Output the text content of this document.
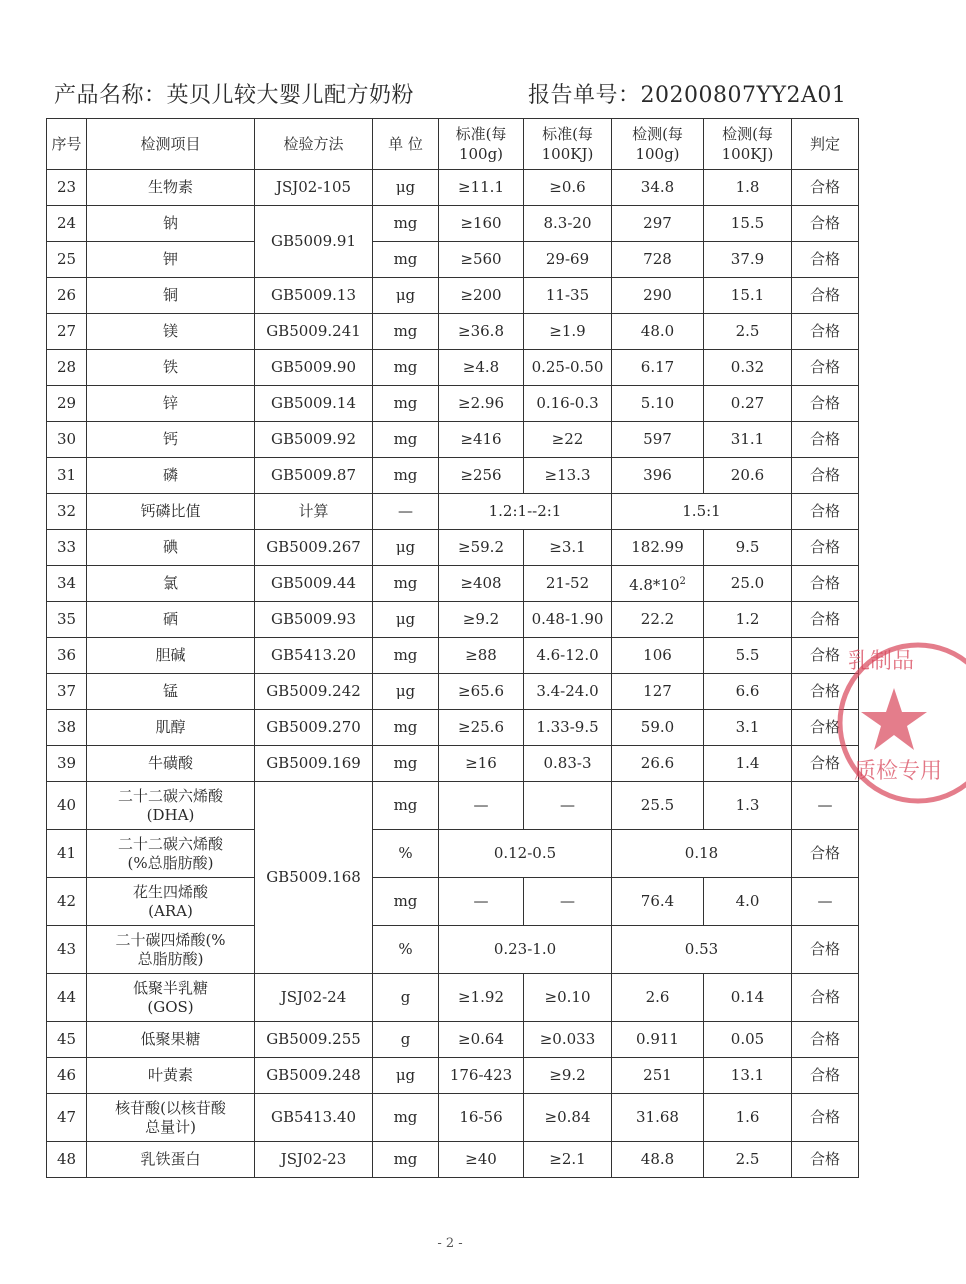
产品名称：英贝儿较大婴儿配方奶粉	报告单号：20200807YY2A01
序号	检测项目	检验方法	单 位	标准(每100g)	标准(每100KJ)	检测(每100g)	检测(每100KJ)	判定
23	生物素	JSJ02-105	μg	≥11.1	≥0.6	34.8	1.8	合格
24	钠	GB5009.91	mg	≥160	8.3-20	297	15.5	合格
25	钾		mg	≥560	29-69	728	37.9	合格
26	铜	GB5009.13	μg	≥200	11-35	290	15.1	合格
27	镁	GB5009.241	mg	≥36.8	≥1.9	48.0	2.5	合格
28	铁	GB5009.90	mg	≥4.8	0.25-0.50	6.17	0.32	合格
29	锌	GB5009.14	mg	≥2.96	0.16-0.3	5.10	0.27	合格
30	钙	GB5009.92	mg	≥416	≥22	597	31.1	合格
31	磷	GB5009.87	mg	≥256	≥13.3	396	20.6	合格
32	钙磷比值	计算	—	1.2:1--2:1		1.5:1		合格
33	碘	GB5009.267	μg	≥59.2	≥3.1	182.99	9.5	合格
34	氯	GB5009.44	mg	≥408	21-52	$4.8*10^2$	25.0	合格
35	硒	GB5009.93	μg	≥9.2	0.48-1.90	22.2	1.2	合格
36	胆碱	GB5413.20	mg	≥88	4.6-12.0	106	5.5	合格
37	锰	GB5009.242	μg	≥65.6	3.4-24.0	127	6.6	合格
38	肌醇	GB5009.270	mg	≥25.6	1.33-9.5	59.0	3.1	合格
39	牛磺酸	GB5009.169	mg	≥16	0.83-3	26.6	1.4	合格
40	二十二碳六烯酸
(DHA)	GB5009.168	mg	—	—	25.5	1.3	—
41	二十二碳六烯酸
(%总脂肪酸)		%	0.12-0.5		0.18		合格
42	花生四烯酸
(ARA)		mg	—	—	76.4	4.0	—
43	二十碳四烯酸(%
总脂肪酸)		%	0.23-1.0		0.53		合格
44	低聚半乳糖
(GOS)	JSJ02-24	g	≥1.92	≥0.10	2.6	0.14	合格
45	低聚果糖	GB5009.255	g	≥0.64	≥0.033	0.911	0.05	合格
46	叶黄素	GB5009.248	μg	176-423	≥9.2	251	13.1	合格
47	核苷酸(以核苷酸
总量计)	GB5413.40	mg	16-56	≥0.84	31.68	1.6	合格
48	乳铁蛋白	JSJ02-23	mg	≥40	≥2.1	48.8	2.5	合格
- 2 -
乳制品
质检专用
